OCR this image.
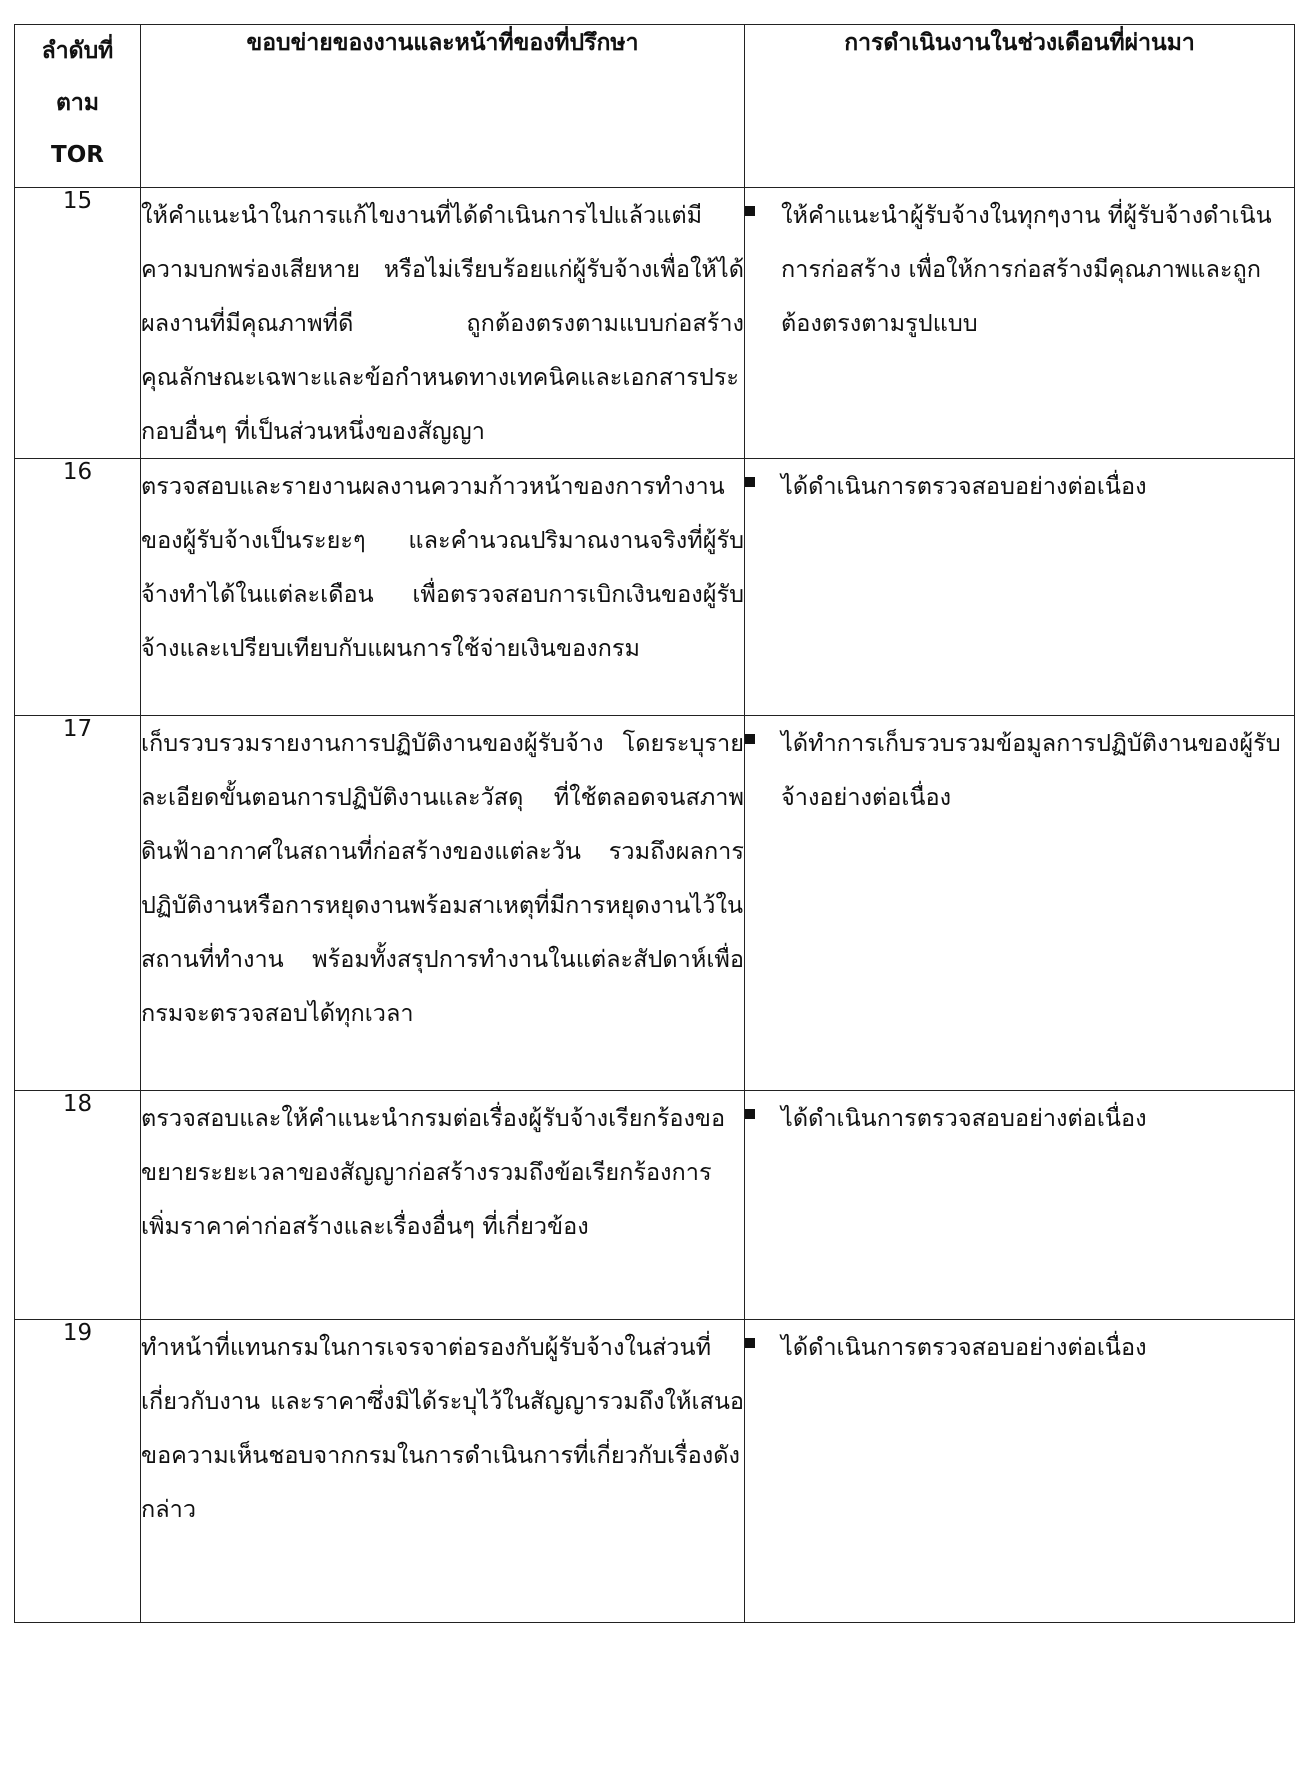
ลำดับที่
ตาม
TOR	ขอบข่ายของงานและหน้าที่ของที่ปรึกษา	การดำเนินงานในช่วงเดือนที่ผ่านมา
15	ให้คำแนะนำในการแก้ไขงานที่ได้ดำเนินการไปแล้วแต่มีความบกพร่องเสียหาย หรือไม่เรียบร้อยแก่ผู้รับจ้างเพื่อให้ได้ผลงานที่มีคุณภาพที่ดี ถูกต้องตรงตามแบบก่อสร้างคุณลักษณะเฉพาะและข้อกำหนดทางเทคนิคและเอกสารประกอบอื่นๆ ที่เป็นส่วนหนึ่งของสัญญา	ให้คำแนะนำผู้รับจ้างในทุกๆงาน ที่ผู้รับจ้างดำเนินการก่อสร้าง เพื่อให้การก่อสร้างมีคุณภาพและถูกต้องตรงตามรูปแบบ

16	ตรวจสอบและรายงานผลงานความก้าวหน้าของการทำงานของผู้รับจ้างเป็นระยะๆ และคำนวณปริมาณงานจริงที่ผู้รับจ้างทำได้ในแต่ละเดือน เพื่อตรวจสอบการเบิกเงินของผู้รับจ้างและเปรียบเทียบกับแผนการใช้จ่ายเงินของกรม	ได้ดำเนินการตรวจสอบอย่างต่อเนื่อง

17	เก็บรวบรวมรายงานการปฏิบัติงานของผู้รับจ้าง โดยระบุรายละเอียดขั้นตอนการปฏิบัติงานและวัสดุ ที่ใช้ตลอดจนสภาพดินฟ้าอากาศในสถานที่ก่อสร้างของแต่ละวัน รวมถึงผลการปฏิบัติงานหรือการหยุดงานพร้อมสาเหตุที่มีการหยุดงานไว้ในสถานที่ทำงาน พร้อมทั้งสรุปการทำงานในแต่ละสัปดาห์เพื่อกรมจะตรวจสอบได้ทุกเวลา	ได้ทำการเก็บรวบรวมข้อมูลการปฏิบัติงานของผู้รับจ้างอย่างต่อเนื่อง

18	ตรวจสอบและให้คำแนะนำกรมต่อเรื่องผู้รับจ้างเรียกร้องขอขยายระยะเวลาของสัญญาก่อสร้างรวมถึงข้อเรียกร้องการเพิ่มราคาค่าก่อสร้างและเรื่องอื่นๆ ที่เกี่ยวข้อง	ได้ดำเนินการตรวจสอบอย่างต่อเนื่อง

19	ทำหน้าที่แทนกรมในการเจรจาต่อรองกับผู้รับจ้างในส่วนที่เกี่ยวกับงาน และราคาซึ่งมิได้ระบุไว้ในสัญญารวมถึงให้เสนอขอความเห็นชอบจากกรมในการดำเนินการที่เกี่ยวกับเรื่องดังกล่าว	ได้ดำเนินการตรวจสอบอย่างต่อเนื่อง
